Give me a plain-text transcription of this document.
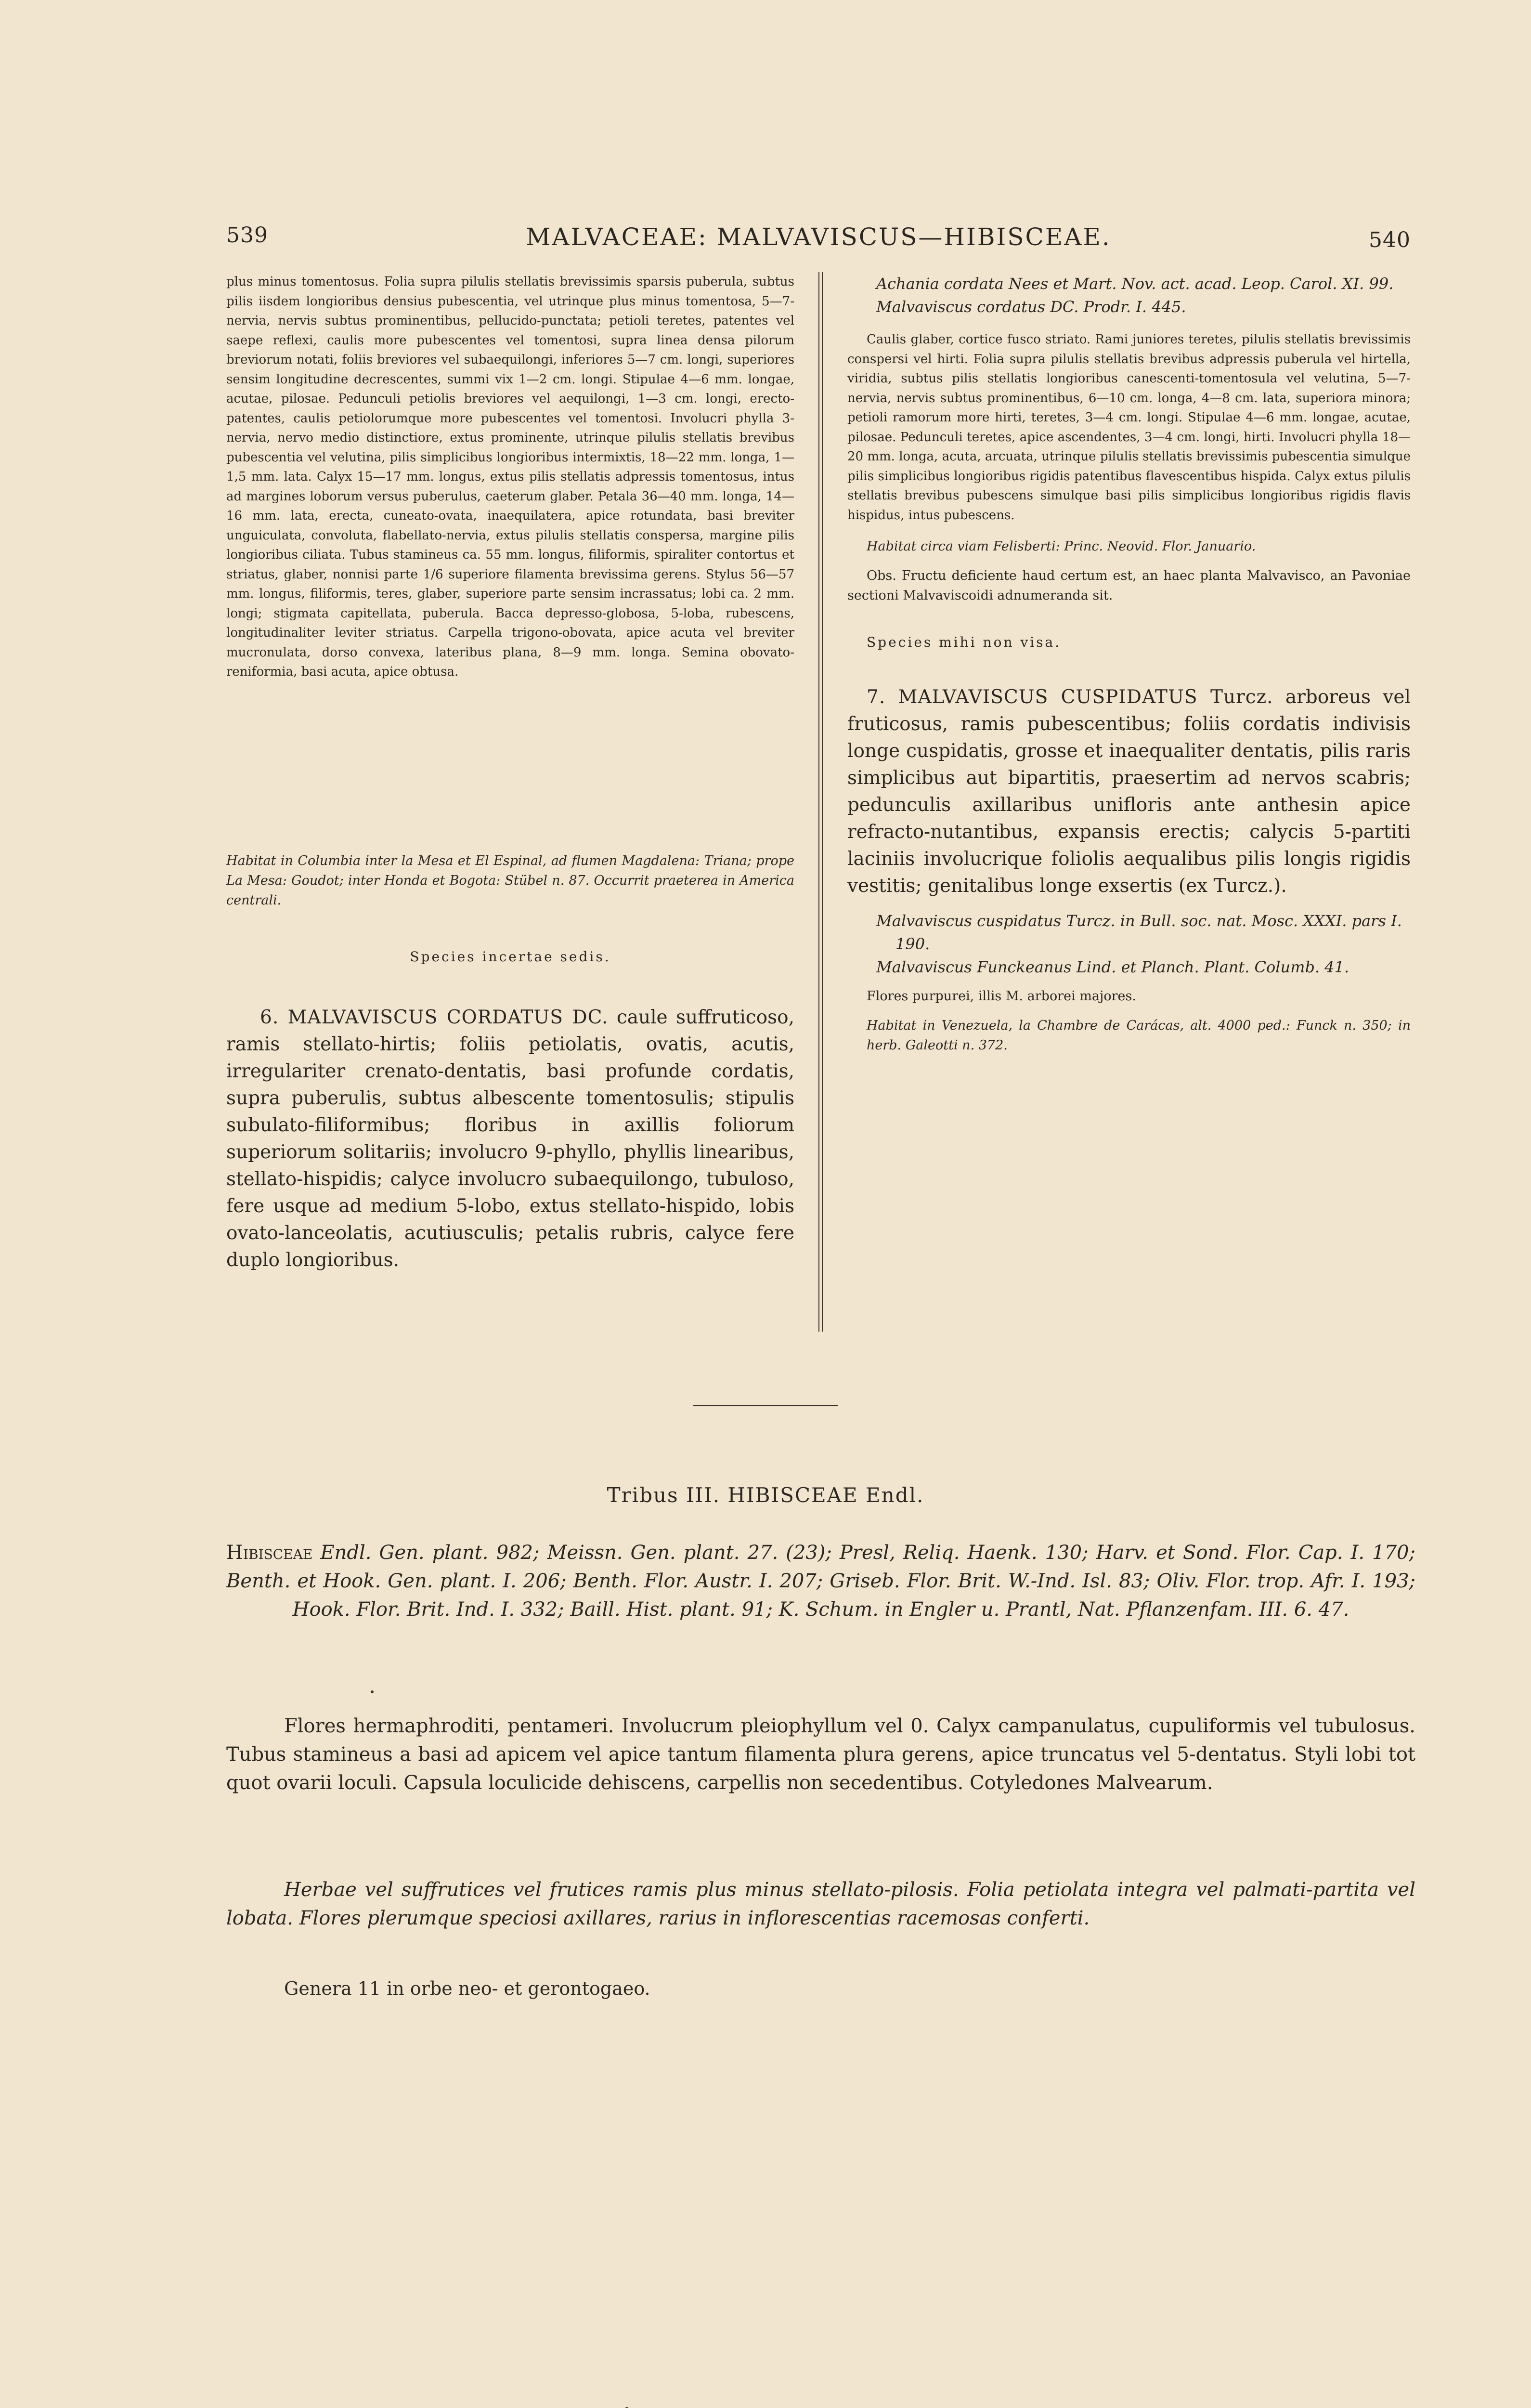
539	MALVACEAE: MALVAVISCUS—HIBISCEAE.	540

plus minus tomentosus. Folia supra pilulis stellatis brevissimis sparsis puberula, subtus pilis iisdem longioribus densius pubescentia, vel utrinque plus minus tomentosa, 5—7-nervia, nervis subtus prominentibus, pellucido-punctata; petioli teretes, patentes vel saepe reflexi, caulis more pubescentes vel tomentosi, supra linea densa pilorum breviorum notati, foliis breviores vel subaequilongi, inferiores 5—7 cm. longi, superiores sensim longitudine decrescentes, summi vix 1—2 cm. longi. Stipulae 4—6 mm. longae, acutae, pilosae. Pedunculi petiolis breviores vel aequilongi, 1—3 cm. longi, erecto-patentes, caulis petiolorumque more pubescentes vel tomentosi. Involucri phylla 3-nervia, nervo medio distinctiore, extus prominente, utrinque pilulis stellatis brevibus pubescentia vel velutina, pilis simplicibus longioribus intermixtis, 18—22 mm. longa, 1—1,5 mm. lata. Calyx 15—17 mm. longus, extus pilis stellatis adpressis tomentosus, intus ad margines loborum versus puberulus, caeterum glaber. Petala 36—40 mm. longa, 14—16 mm. lata, erecta, cuneato-ovata, inaequilatera, apice rotundata, basi breviter unguiculata, convoluta, flabellato-nervia, extus pilulis stellatis conspersa, margine pilis longioribus ciliata. Tubus stamineus ca. 55 mm. longus, filiformis, spiraliter contortus et striatus, glaber, nonnisi parte 1/6 superiore filamenta brevissima gerens. Stylus 56—57 mm. longus, filiformis, teres, glaber, superiore parte sensim incrassatus; lobi ca. 2 mm. longi; stigmata capitellata, puberula. Bacca depresso-globosa, 5-loba, rubescens, longitudinaliter leviter striatus. Carpella trigono-obovata, apice acuta vel breviter mucronulata, dorso convexa, lateribus plana, 8—9 mm. longa. Semina obovato-reniformia, basi acuta, apice obtusa.

Habitat in Columbia inter la Mesa et El Espinal, ad flumen Magdalena: Triana; prope La Mesa: Goudot; inter Honda et Bogota: Stübel n. 87. Occurrit praeterea in America centrali.

Species incertae sedis.

6. MALVAVISCUS CORDATUS DC. caule suffruticoso, ramis stellato-hirtis; foliis petiolatis, ovatis, acutis, irregulariter crenato-dentatis, basi profunde cordatis, supra puberulis, subtus albescente tomentosulis; stipulis subulato-filiformibus; floribus in axillis foliorum superiorum solitariis; involucro 9-phyllo, phyllis linearibus, stellato-hispidis; calyce involucro subaequilongo, tubuloso, fere usque ad medium 5-lobo, extus stellato-hispido, lobis ovato-lanceolatis, acutiusculis; petalis rubris, calyce fere duplo longioribus.

Achania cordata Nees et Mart. Nov. act. acad. Leop. Carol. XI. 99.

Malvaviscus cordatus DC. Prodr. I. 445.

Caulis glaber, cortice fusco striato. Rami juniores teretes, pilulis stellatis brevissimis conspersi vel hirti. Folia supra pilulis stellatis brevibus adpressis puberula vel hirtella, viridia, subtus pilis stellatis longioribus canescenti-tomentosula vel velutina, 5—7-nervia, nervis subtus prominentibus, 6—10 cm. longa, 4—8 cm. lata, superiora minora; petioli ramorum more hirti, teretes, 3—4 cm. longi. Stipulae 4—6 mm. longae, acutae, pilosae. Pedunculi teretes, apice ascendentes, 3—4 cm. longi, hirti. Involucri phylla 18—20 mm. longa, acuta, arcuata, utrinque pilulis stellatis brevissimis pubescentia simulque pilis simplicibus longioribus rigidis patentibus flavescentibus hispida. Calyx extus pilulis stellatis brevibus pubescens simulque basi pilis simplicibus longioribus rigidis flavis hispidus, intus pubescens.

Habitat circa viam Felisberti: Princ. Neovid. Flor. Januario.

Obs. Fructu deficiente haud certum est, an haec planta Malvavisco, an Pavoniae sectioni Malvaviscoidi adnumeranda sit.

Species mihi non visa.

7. MALVAVISCUS CUSPIDATUS Turcz. arboreus vel fruticosus, ramis pubescentibus; foliis cordatis indivisis longe cuspidatis, grosse et inaequaliter dentatis, pilis raris simplicibus aut bipartitis, praesertim ad nervos scabris; pedunculis axillaribus unifloris ante anthesin apice refracto-nutantibus, expansis erectis; calycis 5-partiti laciniis involucrique foliolis aequalibus pilis longis rigidis vestitis; genitalibus longe exsertis (ex Turcz.).

Malvaviscus cuspidatus Turcz. in Bull. soc. nat. Mosc. XXXI. pars I. 190.

Malvaviscus Funckeanus Lind. et Planch. Plant. Columb. 41.

Flores purpurei, illis M. arborei majores.

Habitat in Venezuela, la Chambre de Carácas, alt. 4000 ped.: Funck n. 350; in herb. Galeotti n. 372.

Tribus III. HIBISCEAE Endl.

Hibisceae Endl. Gen. plant. 982; Meissn. Gen. plant. 27. (23); Presl, Reliq. Haenk. 130; Harv. et Sond. Flor. Cap. I. 170; Benth. et Hook. Gen. plant. I. 206; Benth. Flor. Austr. I. 207; Griseb. Flor. Brit. W.-Ind. Isl. 83; Oliv. Flor. trop. Afr. I. 193; Hook. Flor. Brit. Ind. I. 332; Baill. Hist. plant. 91; K. Schum. in Engler u. Prantl, Nat. Pflanzenfam. III. 6. 47.

Flores hermaphroditi, pentameri. Involucrum pleiophyllum vel 0. Calyx campanulatus, cupuliformis vel tubulosus. Tubus stamineus a basi ad apicem vel apice tantum filamenta plura gerens, apice truncatus vel 5-dentatus. Styli lobi tot quot ovarii loculi. Capsula loculicide dehiscens, carpellis non secedentibus. Cotyledones Malvearum.

Herbae vel suffrutices vel frutices ramis plus minus stellato-pilosis. Folia petiolata integra vel palmati-partita vel lobata. Flores plerumque speciosi axillares, rarius in inflorescentias racemosas conferti.

Genera 11 in orbe neo- et gerontogaeo.
